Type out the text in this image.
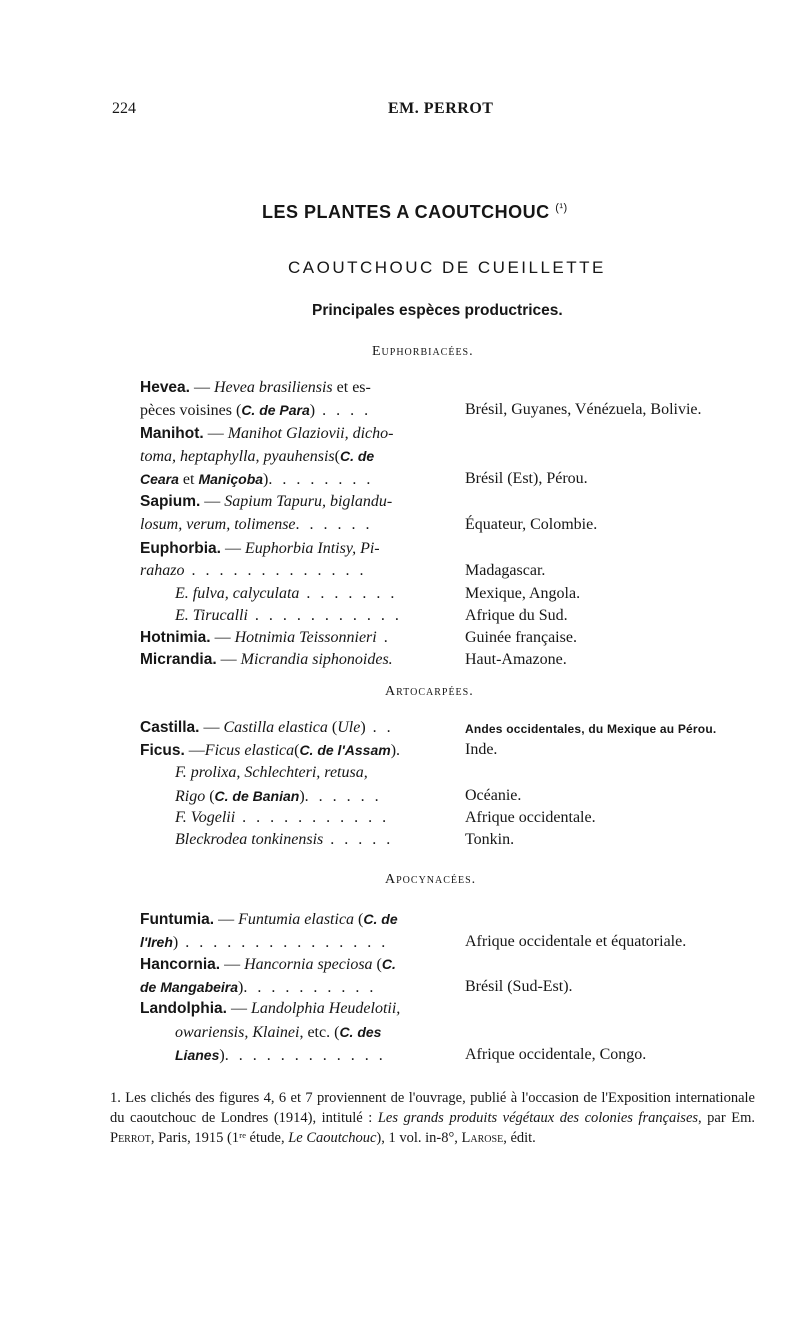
224	EM. PERROT
LES PLANTES A CAOUTCHOUC $^{(^1)}$
CAOUTCHOUC DE CUEILLETTE
Principales espèces productrices.
Euphorbiacées.
Hevea. — Hevea brasiliensis et es-
pèces voisines (C. de Para) . . . .	Brésil, Guyanes, Vénézuela, Bolivie.
Manihot. — Manihot Glaziovii, dicho-
toma, heptaphylla, pyauhensis(C. de
Ceara et Maniçoba). . . . . . . .	Brésil (Est), Pérou.
Sapium. — Sapium Tapuru, biglandu-
losum, verum, tolimense. . . . . .	Équateur, Colombie.
Euphorbia. — Euphorbia Intisy, Pi-
rahazo . . . . . . . . . . . . .	Madagascar.
E. fulva, calyculata . . . . . . .	Mexique, Angola.
E. Tirucalli . . . . . . . . . . .	Afrique du Sud.
Hotnimia. — Hotnimia Teissonnieri .	Guinée française.
Micrandia. — Micrandia siphonoides.	Haut-Amazone.
Artocarpées.
Castilla. — Castilla elastica (Ule) . .	Andes occidentales, du Mexique au Pérou.
Ficus. —Ficus elastica(C. de l'Assam).	Inde.
F. prolixa, Schlechteri, retusa,
Rigo (C. de Banian). . . . . .	Océanie.
F. Vogelii . . . . . . . . . . .	Afrique occidentale.
Bleckrodea tonkinensis . . . . .	Tonkin.
Apocynacées.
Funtumia. — Funtumia elastica (C. de
l'Ireh) . . . . . . . . . . . . . . .	Afrique occidentale et équatoriale.
Hancornia. — Hancornia speciosa (C.
de Mangabeira). . . . . . . . . .	Brésil (Sud-Est).
Landolphia. — Landolphia Heudelotii,
owariensis, Klainei, etc. (C. des
Lianes). . . . . . . . . . . .	Afrique occidentale, Congo.
1. Les clichés des figures 4, 6 et 7 proviennent de l'ouvrage, publié à l'occasion de l'Exposition internationale du caoutchouc de Londres (1914), intitulé : Les grands produits végétaux des colonies françaises, par Em. Perrot, Paris, 1915 (1ʳᵉ étude, Le Caoutchouc), 1 vol. in-8°, Larose, édit.
